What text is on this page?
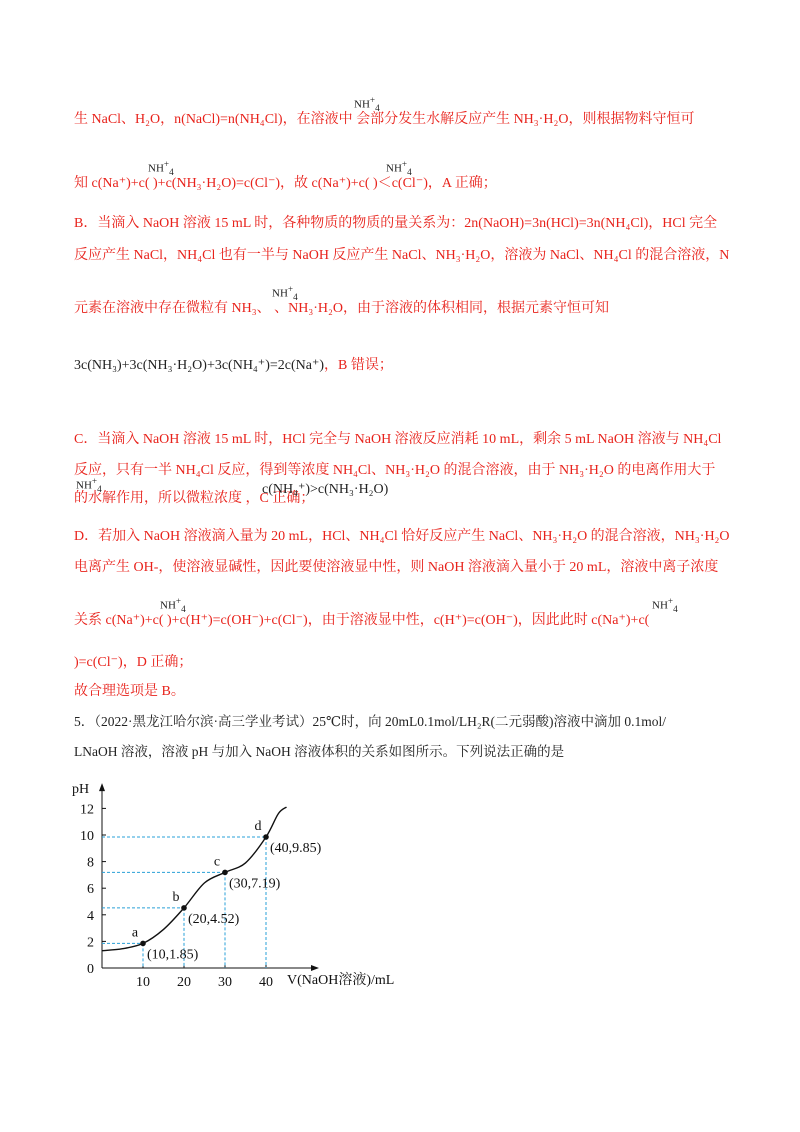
生 NaCl、H₂O，n(NaCl)=n(NH₄Cl)，在溶液中 会部分发生水解反应产生 NH₃·H₂O，则根据物料守恒可
知 c(Na⁺)+c( )+c(NH₃·H₂O)=c(Cl⁻)，故 c(Na⁺)+c( )＜c(Cl⁻)，A 正确；
B．当滴入 NaOH 溶液 15 mL 时，各种物质的物质的量关系为：2n(NaOH)=3n(HCl)=3n(NH₄Cl)，HCl 完全
反应产生 NaCl，NH₄Cl 也有一半与 NaOH 反应产生 NaCl、NH₃·H₂O，溶液为 NaCl、NH₄Cl 的混合溶液，N
元素在溶液中存在微粒有 NH₃、 、NH₃·H₂O，由于溶液的体积相同，根据元素守恒可知
3c(NH₃)+3c(NH₃·H₂O)+3c(NH₄⁺)=2c(Na⁺)，B 错误；
C．当滴入 NaOH 溶液 15 mL 时，HCl 完全与 NaOH 溶液反应消耗 10 mL，剩余 5 mL NaOH 溶液与 NH₄Cl
反应，只有一半 NH₄Cl 反应，得到等浓度 NH₄Cl、NH₃·H₂O 的混合溶液，由于 NH₃·H₂O 的电离作用大于
的水解作用，所以微粒浓度 ，C 正确；
c(NH₄⁺)>c(NH₃·H₂O)
D．若加入 NaOH 溶液滴入量为 20 mL，HCl、NH₄Cl 恰好反应产生 NaCl、NH₃·H₂O 的混合溶液，NH₃·H₂O
电离产生 OH-，使溶液显碱性，因此要使溶液显中性，则 NaOH 溶液滴入量小于 20 mL，溶液中离子浓度
关系 c(Na⁺)+c( )+c(H⁺)=c(OH⁻)+c(Cl⁻)，由于溶液显中性，c(H⁺)=c(OH⁻)，因此此时 c(Na⁺)+c(
)=c(Cl⁻)，D 正确；
故合理选项是 B。
$NH^+_4$
$NH^+_4$	$NH^+_4$
$NH^+_4$
$NH^+_4$
$NH^+_4$	$NH^+_4$
5．（2022·黑龙江哈尔滨·高三学业考试）25℃时，向 20mL0.1mol/LH₂R(二元弱酸)溶液中滴加 0.1mol/
LNaOH 溶液，溶液 pH 与加入 NaOH 溶液体积的关系如图所示。下列说法正确的是
pH
V(NaOH溶液)/mL
0
2
4
6
8
10
12
10 20 30 40
a
(10,1.85)
b
(20,4.52)
c
(30,7.19)
d
(40,9.85)
